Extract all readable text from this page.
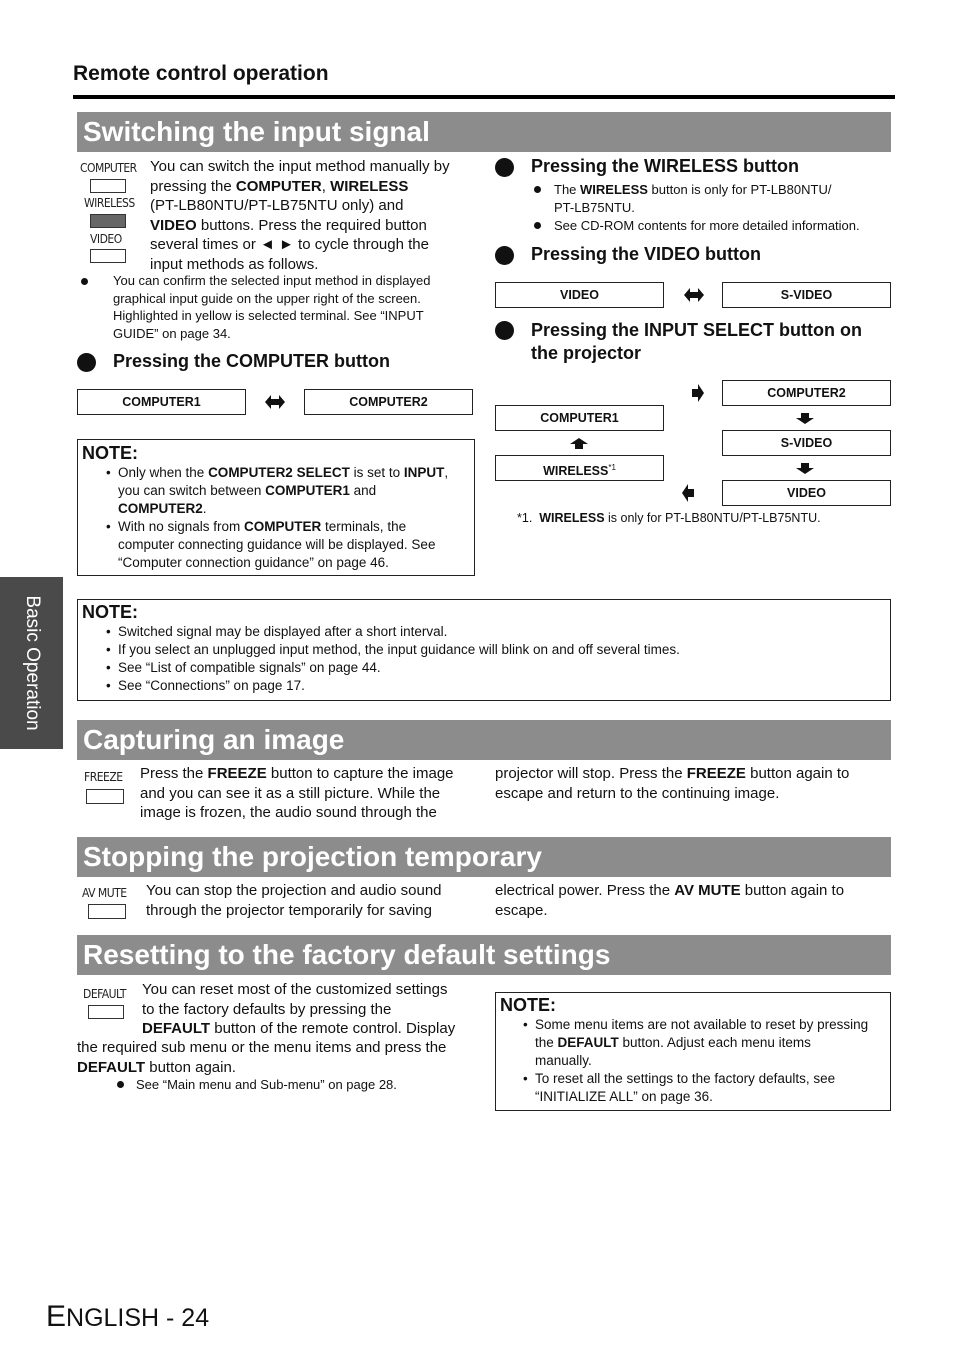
Remote control operation
Basic Operation
Switching the input signal
COMPUTER
WIRELESS
VIDEO
You can switch the input method manually by
pressing the COMPUTER, WIRELESS
(PT-LB80NTU/PT-LB75NTU only) and
VIDEO buttons. Press the required button
several times or ◄ ► to cycle through the
input methods as follows.
You can confirm the selected input method in displayed
graphical input guide on the upper right of the screen.
Highlighted in yellow is selected terminal. See “INPUT
GUIDE” on page 34.
Pressing the COMPUTER button
COMPUTER1	COMPUTER2
NOTE:
• Only when the COMPUTER2 SELECT is set to INPUT,
you can switch between COMPUTER1 and
COMPUTER2.
• With no signals from COMPUTER terminals, the
computer connecting guidance will be displayed. See
“Computer connection guidance” on page 46.
Pressing the WIRELESS button
The WIRELESS button is only for PT-LB80NTU/
PT-LB75NTU.
See CD-ROM contents for more detailed information.
Pressing the VIDEO button
VIDEO	S-VIDEO
Pressing the INPUT SELECT button on
the projector
COMPUTER1
WIRELESS$^{*1}$
COMPUTER2
S-VIDEO
VIDEO
*1. WIRELESS is only for PT-LB80NTU/PT-LB75NTU.
NOTE:
• Switched signal may be displayed after a short interval.
• If you select an unplugged input method, the input guidance will blink on and off several times.
• See “List of compatible signals” on page 44.
• See “Connections” on page 17.
Capturing an image
FREEZE Press the FREEZE button to capture the image
and you can see it as a still picture. While the
image is frozen, the audio sound through the
projector will stop. Press the FREEZE button again to
escape and return to the continuing image.
Stopping the projection temporary
AV MUTE You can stop the projection and audio sound
through the projector temporarily for saving
electrical power. Press the AV MUTE button again to
escape.
Resetting to the factory default settings
DEFAULT You can reset most of the customized settings
to the factory defaults by pressing the
DEFAULT button of the remote control. Display
the required sub menu or the menu items and press the
DEFAULT button again.
See “Main menu and Sub-menu” on page 28.
NOTE:
• Some menu items are not available to reset by pressing
the DEFAULT button. Adjust each menu items
manually.
• To reset all the settings to the factory defaults, see
“INITIALIZE ALL” on page 36.
ENGLISH - 24
